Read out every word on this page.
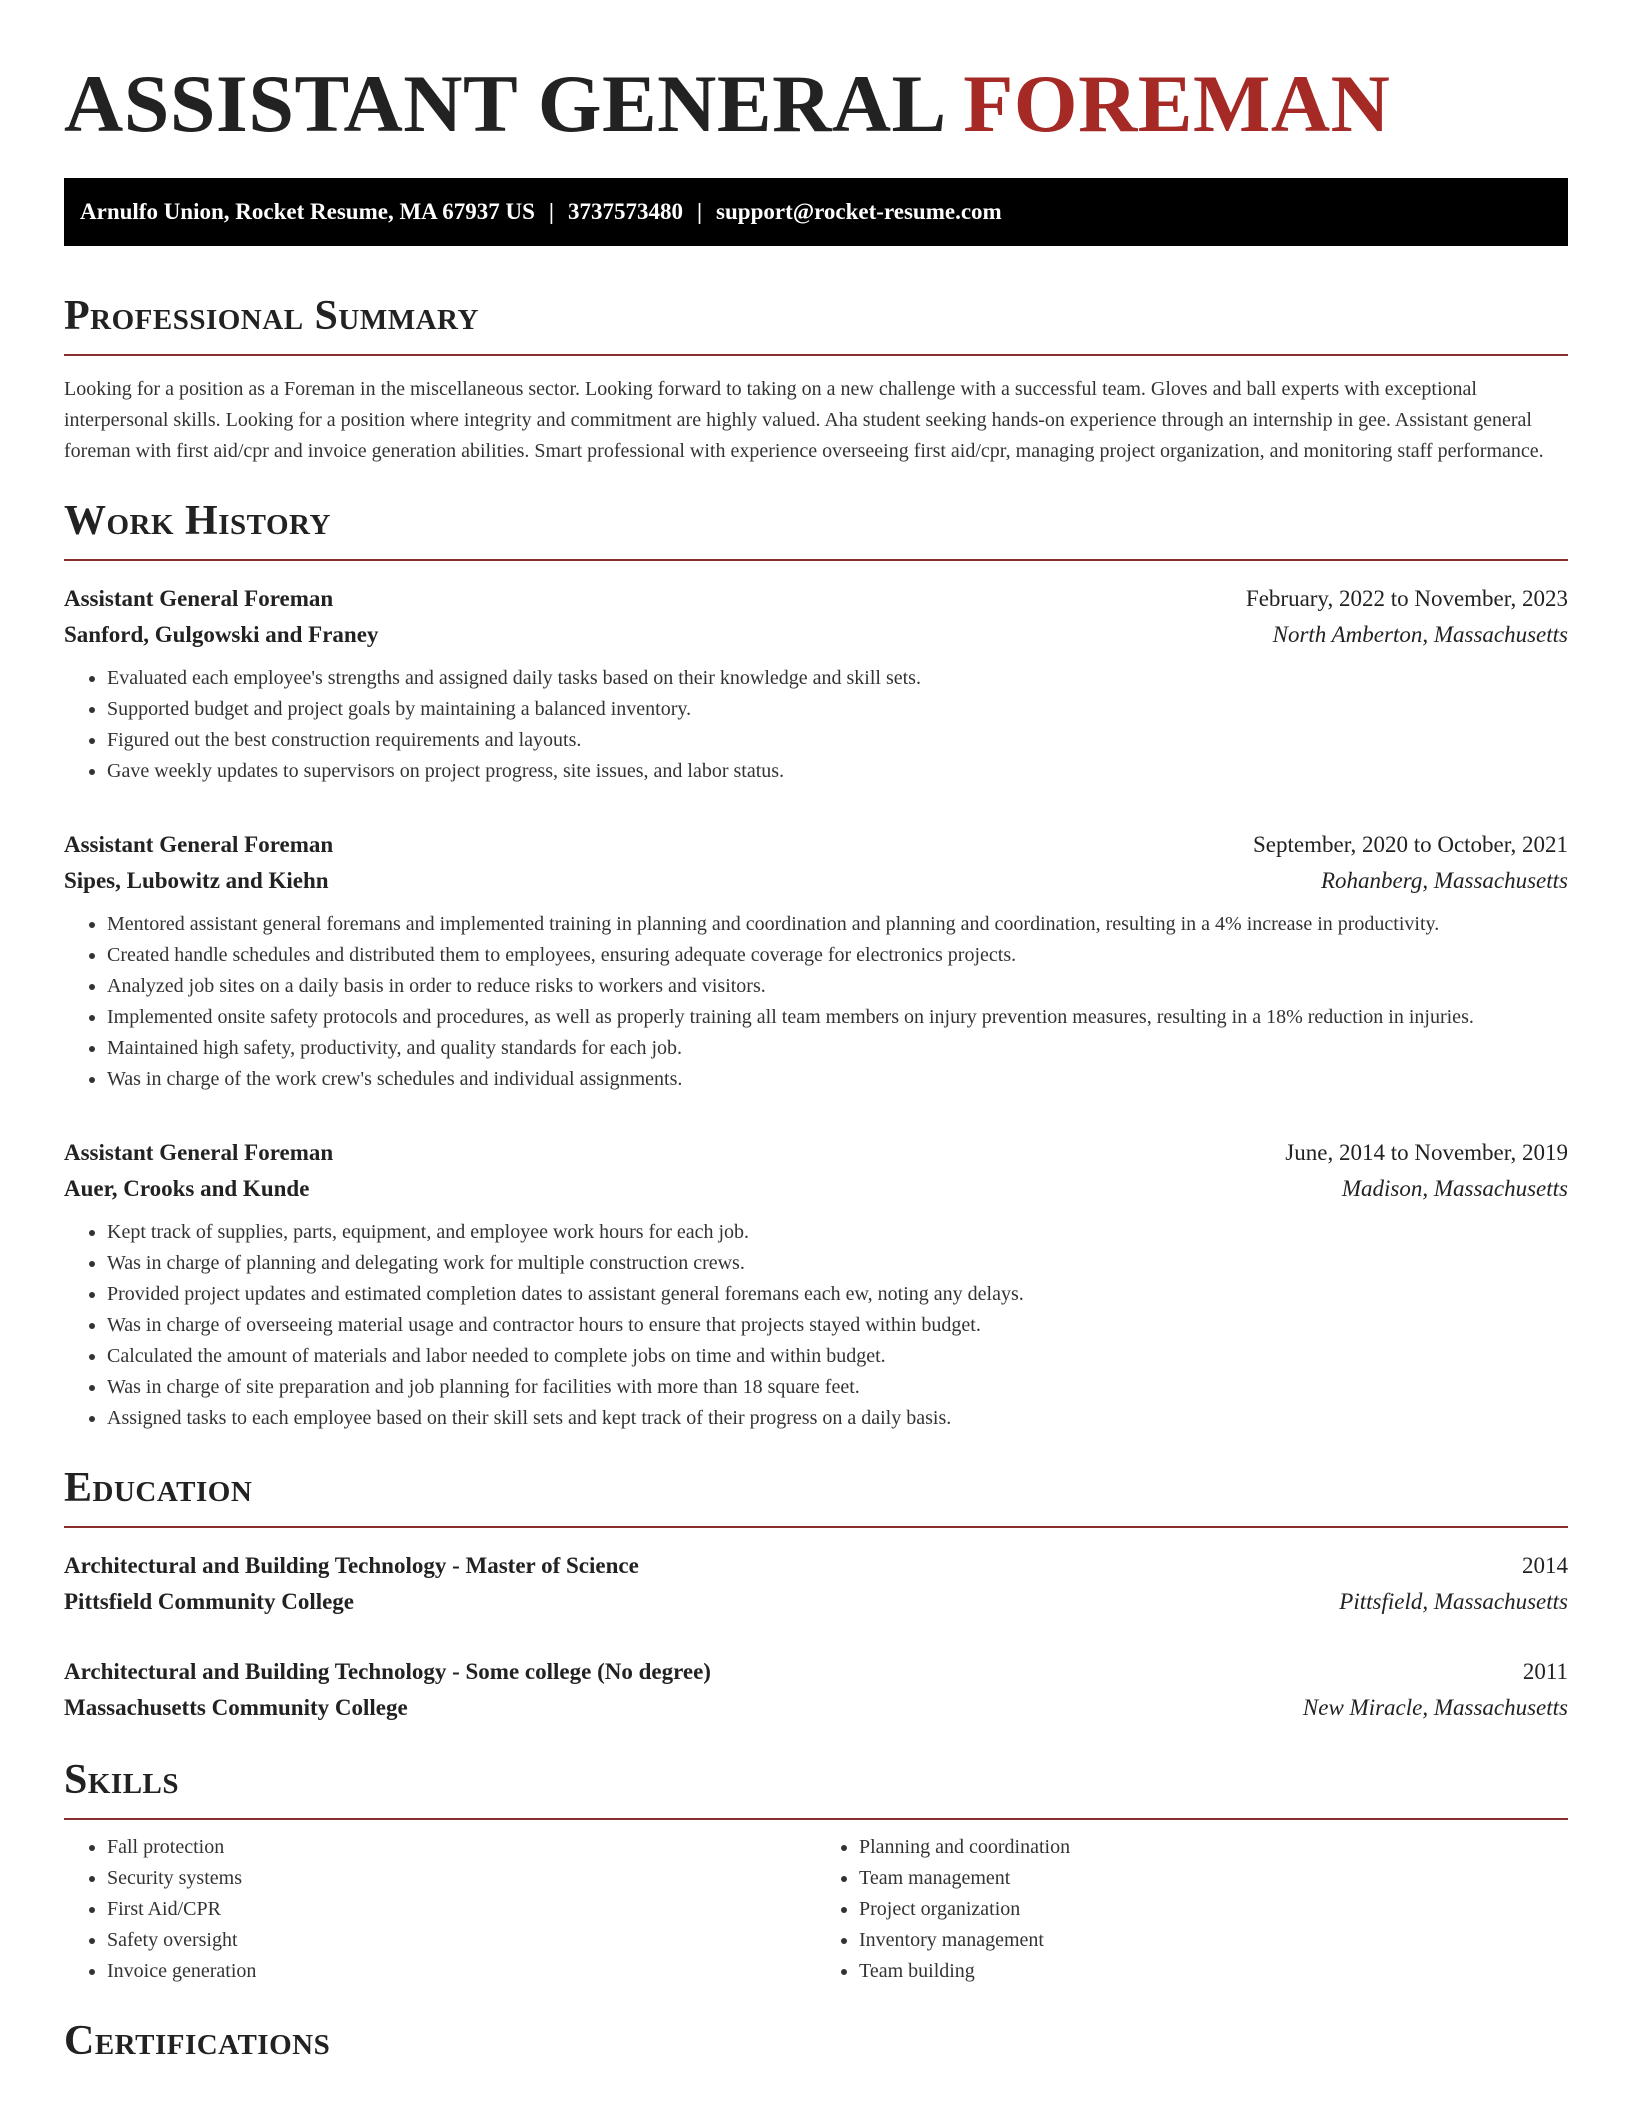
ASSISTANT GENERAL FOREMAN
Arnulfo Union, Rocket Resume, MA 67937 US | 3737573480 | support@rocket-resume.com
Professional Summary

Looking for a position as a Foreman in the miscellaneous sector. Looking forward to taking on a new challenge with a successful team. Gloves and ball experts with exceptional interpersonal skills. Looking for a position where integrity and commitment are highly valued. Aha student seeking hands-on experience through an internship in gee. Assistant general foreman with first aid/cpr and invoice generation abilities. Smart professional with experience overseeing first aid/cpr, managing project organization, and monitoring staff performance.

Work History
Assistant General Foreman	February, 2022 to November, 2023
Sanford, Gulgowski and Franey	North Amberton, Massachusetts
• Evaluated each employee's strengths and assigned daily tasks based on their knowledge and skill sets.
• Supported budget and project goals by maintaining a balanced inventory.
• Figured out the best construction requirements and layouts.
• Gave weekly updates to supervisors on project progress, site issues, and labor status.
Assistant General Foreman	September, 2020 to October, 2021
Sipes, Lubowitz and Kiehn	Rohanberg, Massachusetts
• Mentored assistant general foremans and implemented training in planning and coordination and planning and coordination, resulting in a 4% increase in productivity.
• Created handle schedules and distributed them to employees, ensuring adequate coverage for electronics projects.
• Analyzed job sites on a daily basis in order to reduce risks to workers and visitors.
• Implemented onsite safety protocols and procedures, as well as properly training all team members on injury prevention measures, resulting in a 18% reduction in injuries.
• Maintained high safety, productivity, and quality standards for each job.
• Was in charge of the work crew's schedules and individual assignments.
Assistant General Foreman	June, 2014 to November, 2019
Auer, Crooks and Kunde	Madison, Massachusetts
• Kept track of supplies, parts, equipment, and employee work hours for each job.
• Was in charge of planning and delegating work for multiple construction crews.
• Provided project updates and estimated completion dates to assistant general foremans each ew, noting any delays.
• Was in charge of overseeing material usage and contractor hours to ensure that projects stayed within budget.
• Calculated the amount of materials and labor needed to complete jobs on time and within budget.
• Was in charge of site preparation and job planning for facilities with more than 18 square feet.
• Assigned tasks to each employee based on their skill sets and kept track of their progress on a daily basis.
Education
Architectural and Building Technology - Master of Science	2014
Pittsfield Community College	Pittsfield, Massachusetts
Architectural and Building Technology - Some college (No degree)	2011
Massachusetts Community College	New Miracle, Massachusetts
Skills
• Fall protection
• Security systems
• First Aid/CPR
• Safety oversight
• Invoice generation
• Planning and coordination
• Team management
• Project organization
• Inventory management
• Team building
Certifications
